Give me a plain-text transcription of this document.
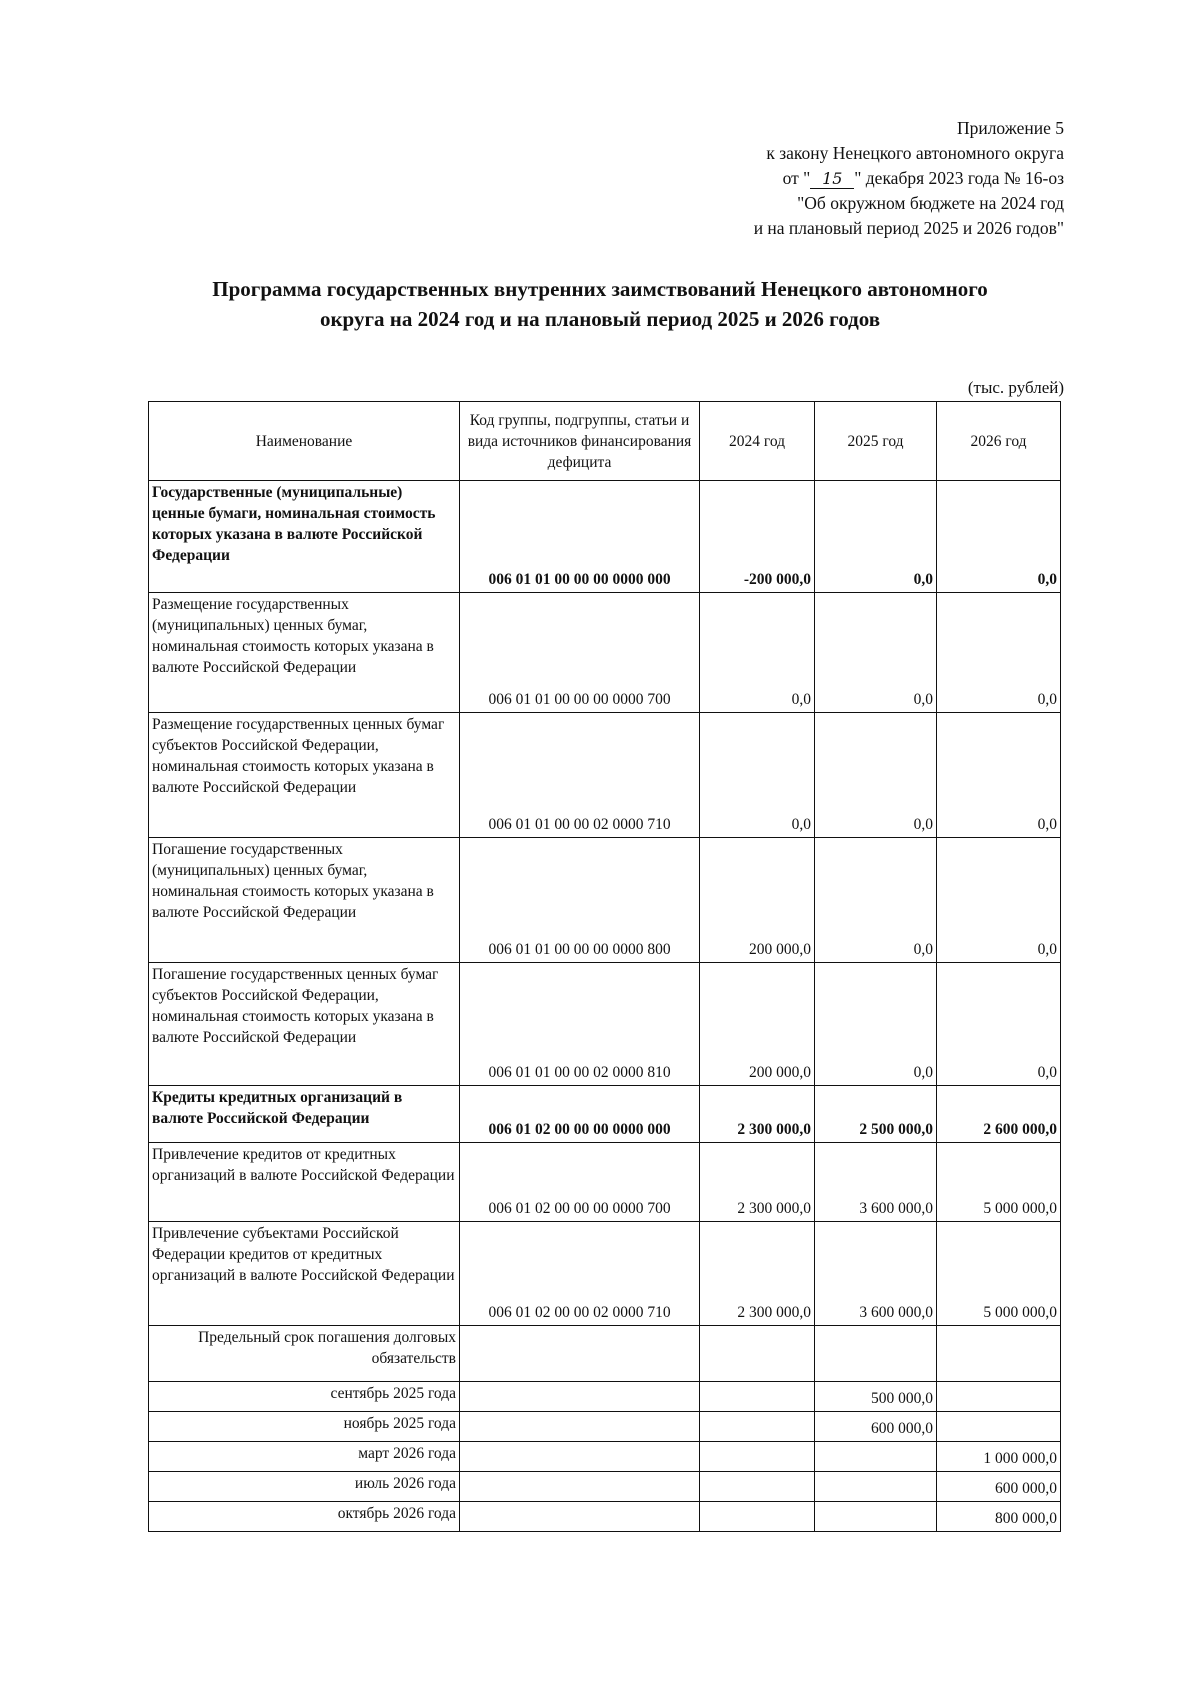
Приложение 5
к закону Ненецкого автономного округа
от " 15 " декабря 2023 года № 16-оз
"Об окружном бюджете на 2024 год
и на плановый период 2025 и 2026 годов"
Программа государственных внутренних заимствований Ненецкого автономного
округа на 2024 год и на плановый период 2025 и 2026 годов
(тыс. рублей)
Наименование	Код группы, подгруппы, статьи и вида источников финансирования дефицита	2024 год	2025 год	2026 год
Государственные (муниципальные) ценные бумаги, номинальная стоимость которых указана в валюте Российской Федерации	006 01 01 00 00 00 0000 000	-200 000,0	0,0	0,0
Размещение государственных (муниципальных) ценных бумаг, номинальная стоимость которых указана в валюте Российской Федерации	006 01 01 00 00 00 0000 700	0,0	0,0	0,0
Размещение государственных ценных бумаг субъектов Российской Федерации, номинальная стоимость которых указана в валюте Российской Федерации	006 01 01 00 00 02 0000 710	0,0	0,0	0,0
Погашение государственных (муниципальных) ценных бумаг, номинальная стоимость которых указана в валюте Российской Федерации	006 01 01 00 00 00 0000 800	200 000,0	0,0	0,0
Погашение государственных ценных бумаг субъектов Российской Федерации, номинальная стоимость которых указана в валюте Российской Федерации	006 01 01 00 00 02 0000 810	200 000,0	0,0	0,0
Кредиты кредитных организаций в валюте Российской Федерации	006 01 02 00 00 00 0000 000	2 300 000,0	2 500 000,0	2 600 000,0
Привлечение кредитов от кредитных организаций в валюте Российской Федерации	006 01 02 00 00 00 0000 700	2 300 000,0	3 600 000,0	5 000 000,0
Привлечение субъектами Российской Федерации кредитов от кредитных организаций в валюте Российской Федерации	006 01 02 00 00 02 0000 710	2 300 000,0	3 600 000,0	5 000 000,0
Предельный срок погашения долговых обязательств				
сентябрь 2025 года			500 000,0	
ноябрь 2025 года			600 000,0	
март 2026 года				1 000 000,0
июль 2026 года				600 000,0
октябрь 2026 года				800 000,0
